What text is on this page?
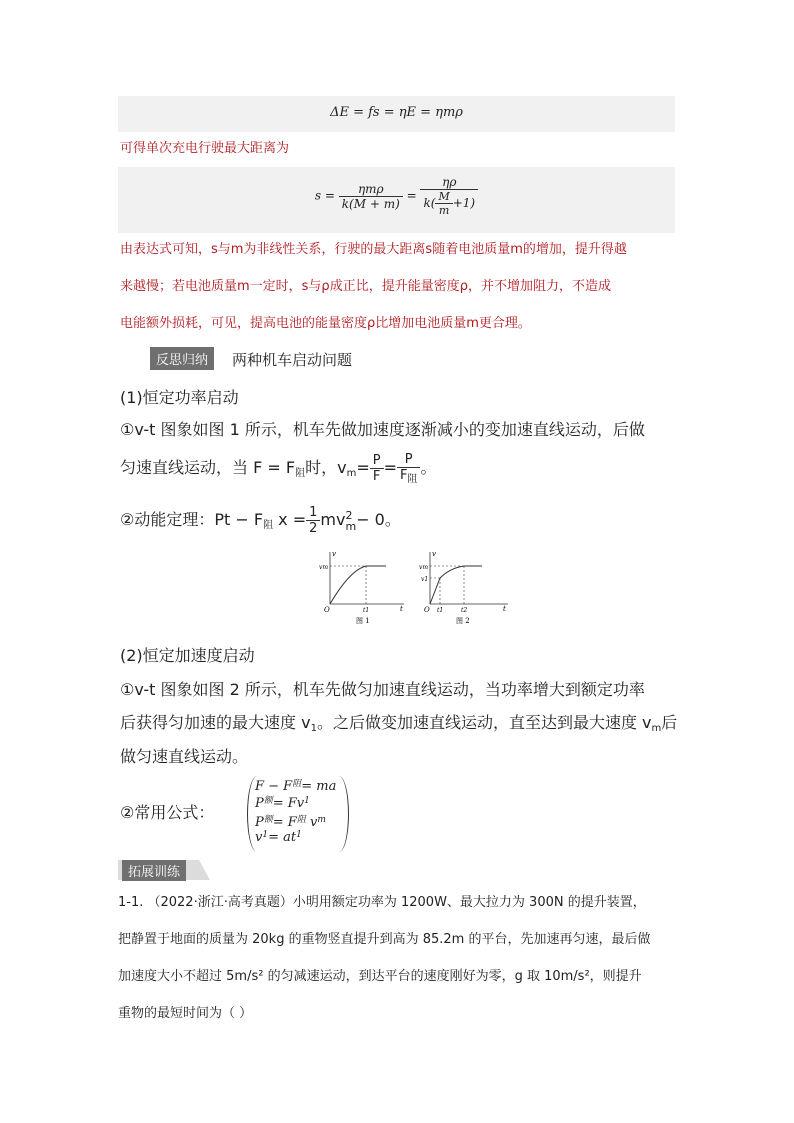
ΔE = fs = ηE = ηmρ
可得单次充电行驶最大距离为
$s = \frac{\text{ηmρ}}{k(M + m)} = \frac{\eta\rho}{k( \frac{M}{m} +1)}$
由表达式可知，s与m为非线性关系，行驶的最大距离s随着电池质量m的增加，提升得越
来越慢；若电池质量m一定时，s与ρ成正比，提升能量密度ρ，并不增加阻力，不造成
电能额外损耗，可见，提高电池的能量密度ρ比增加电池质量m更合理。
反思归纳	两种机车启动问题
(1)恒定功率启动
①v-t 图象如图 1 所示，机车先做加速度逐渐减小的变加速直线运动，后做
匀速直线运动，当 $F = F_阻$时，$v_m= \frac{P}{F} = \frac{P}{F_阻}$ 。
②动能定理：$Pt - F_阻$ $x = \frac{1}{2}$ mv 2
m − 0。
v
vm
O	t1	t
图 1
v
vm
v1
O t1	t2	t
图 2
(2)恒定加速度启动
①v-t 图象如图 2 所示，机车先做匀加速直线运动，当功率增大到额定功率
后获得匀加速的最大速度 $v_1$。之后做变加速直线运动，直至达到最大速度 $v_m$后
做匀速直线运动。
②常用公式：
$F - F^阻=$ ma
$P^额= Fv^1$
$P^额= F^阻$ $v^m$
$v^1= at^1$
拓展训练
1-1. （2022·浙江·高考真题）小明用额定功率为 1200W、最大拉力为 300N 的提升装置，
把静置于地面的质量为 20kg 的重物竖直提升到高为 85.2m 的平台，先加速再匀速，最后做
加速度大小不超过 5m/s² 的匀减速运动，到达平台的速度刚好为零，g 取 10m/s²，则提升
重物的最短时间为（ ）
